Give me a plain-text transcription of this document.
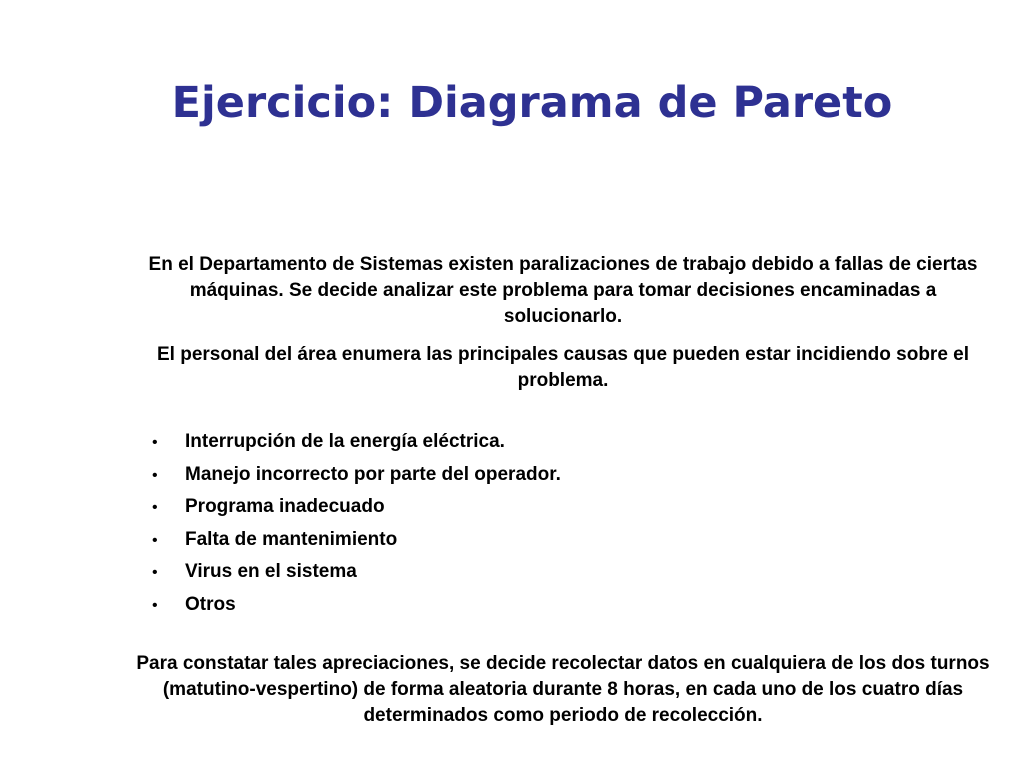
Ejercicio: Diagrama de Pareto
En el Departamento de Sistemas existen paralizaciones de trabajo debido a fallas de ciertas máquinas. Se decide analizar este problema para tomar decisiones encaminadas a solucionarlo.
El personal del área enumera las principales causas que pueden estar incidiendo sobre el problema.
• Interrupción de la energía eléctrica.
• Manejo incorrecto por parte del operador.
• Programa inadecuado
• Falta de mantenimiento
• Virus en el sistema
• Otros
Para constatar tales apreciaciones, se decide recolectar datos en cualquiera de los dos turnos (matutino-vespertino) de forma aleatoria durante 8 horas, en cada uno de los cuatro días determinados como periodo de recolección.
